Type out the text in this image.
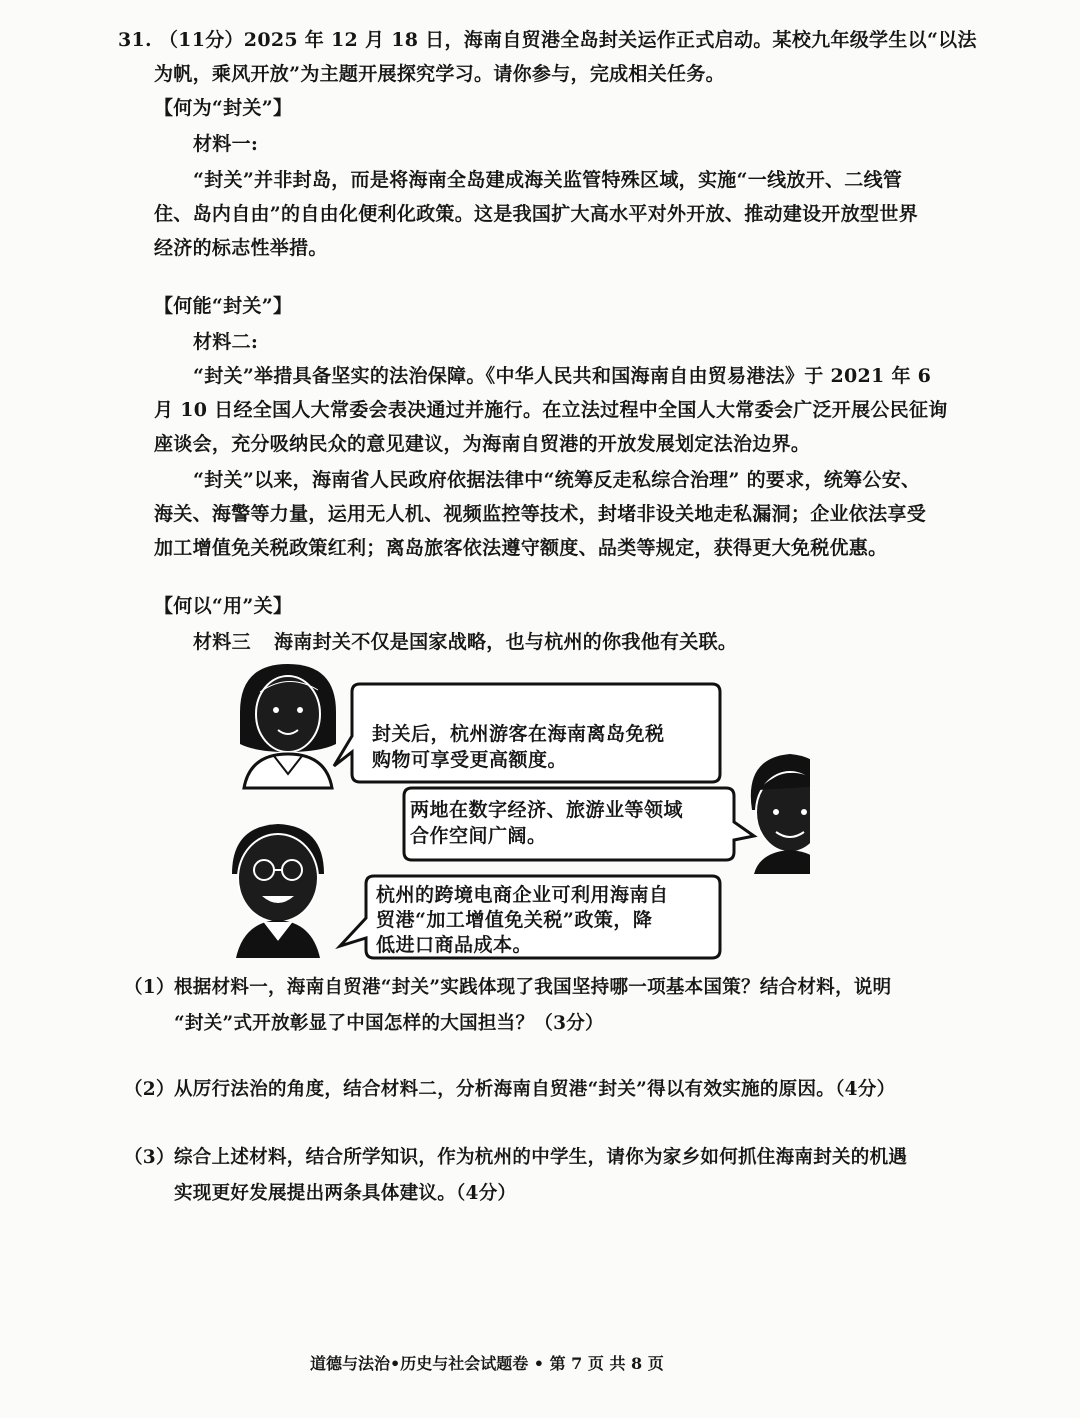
31. （11分）2025 年 12 月 18 日，海南自贸港全岛封关运作正式启动。某校九年级学生以“以法
为帆，乘风开放”为主题开展探究学习。请你参与，完成相关任务。
【何为“封关”】
材料一:
“封关”并非封岛，而是将海南全岛建成海关监管特殊区域，实施“一线放开、二线管
住、岛内自由”的自由化便利化政策。这是我国扩大高水平对外开放、推动建设开放型世界
经济的标志性举措。
【何能“封关”】
材料二:
“封关”举措具备坚实的法治保障。《中华人民共和国海南自由贸易港法》于 2021 年 6
月 10 日经全国人大常委会表决通过并施行。在立法过程中全国人大常委会广泛开展公民征询
座谈会，充分吸纳民众的意见建议，为海南自贸港的开放发展划定法治边界。
“封关”以来，海南省人民政府依据法律中“统筹反走私综合治理” 的要求，统筹公安、
海关、海警等力量，运用无人机、视频监控等技术，封堵非设关地走私漏洞；企业依法享受
加工增值免关税政策红利；离岛旅客依法遵守额度、品类等规定，获得更大免税优惠。
【何以“用”关】
材料三 海南封关不仅是国家战略，也与杭州的你我他有关联。
封关后，杭州游客在海南离岛免税
购物可享受更高额度。
两地在数字经济、旅游业等领域
合作空间广阔。
杭州的跨境电商企业可利用海南自
贸港“加工增值免关税”政策，降
低进口商品成本。
（1） 根据材料一，海南自贸港“封关”实践体现了我国坚持哪一项基本国策？结合材料，说明
“封关”式开放彰显了中国怎样的大国担当？（3分）
（2） 从厉行法治的角度，结合材料二，分析海南自贸港“封关”得以有效实施的原因。（4分）
（3） 综合上述材料，结合所学知识，作为杭州的中学生，请你为家乡如何抓住海南封关的机遇
实现更好发展提出两条具体建议。（4分）
道德与法治•历史与社会试题卷 • 第 7 页 共 8 页
